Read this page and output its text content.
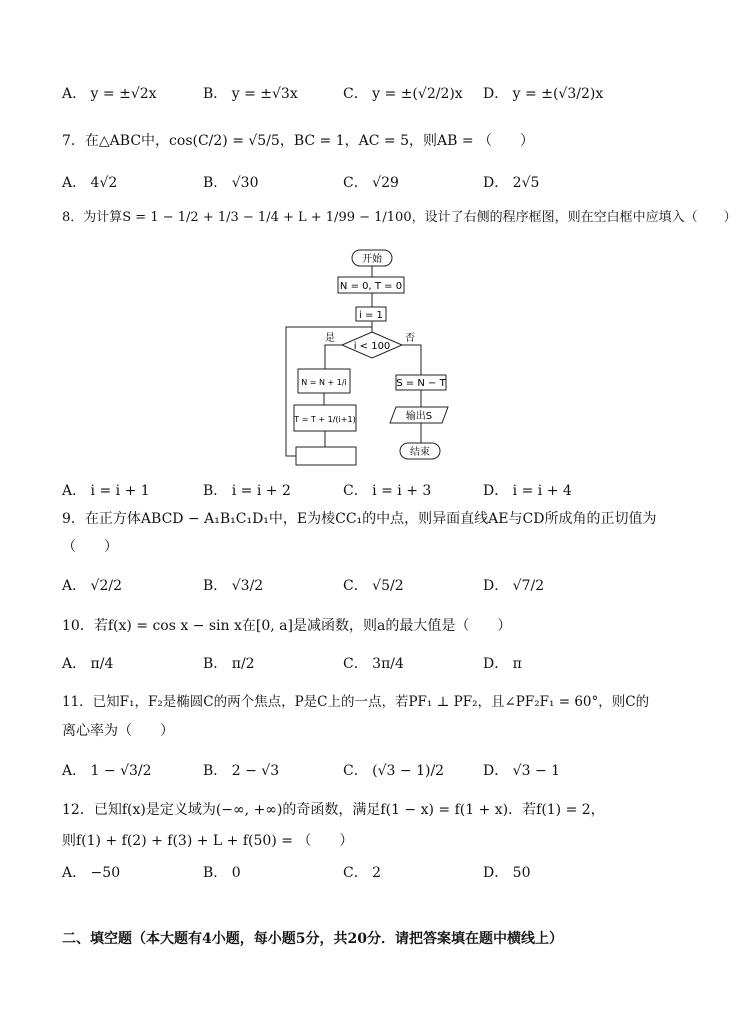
A． y = ±√2x	B． y = ±√3x	C． y = ±(√2/2)x D． y = ±(√3/2)x
7．在△ABC中，cos(C/2) = √5/5，BC = 1，AC = 5，则AB = （　　）
A． 4√2	B． √30	C． √29	D． 2√5
8．为计算S = 1 − 1/2 + 1/3 − 1/4 + L + 1/99 − 1/100，设计了右侧的程序框图，则在空白框中应填入（　　）
开始
N = 0, T = 0
i = 1
i < 100
是	否
N = N + 1/i
T = T + 1/(i+1)
S = N − T
输出S
结束
A． i = i + 1	B． i = i + 2	C． i = i + 3	D． i = i + 4
9．在正方体ABCD − A₁B₁C₁D₁中，E为棱CC₁的中点，则异面直线AE与CD所成角的正切值为
（　　）
A． √2/2	B． √3/2	C． √5/2	D． √7/2
10．若f(x) = cos x − sin x在[0, a]是减函数，则a的最大值是（　　）
A． π/4	B． π/2	C． 3π/4	D． π
11．已知F₁，F₂是椭圆C的两个焦点，P是C上的一点，若PF₁ ⊥ PF₂，且∠PF₂F₁ = 60°，则C的
离心率为（　　）
A． 1 − √3/2	B． 2 − √3	C． (√3 − 1)/2	D． √3 − 1
12．已知f(x)是定义域为(−∞, +∞)的奇函数，满足f(1 − x) = f(1 + x)．若f(1) = 2，
则f(1) + f(2) + f(3) + L + f(50) = （　　）
A． −50	B． 0	C． 2	D． 50
二、填空题（本大题有4小题，每小题5分，共20分．请把答案填在题中横线上）
